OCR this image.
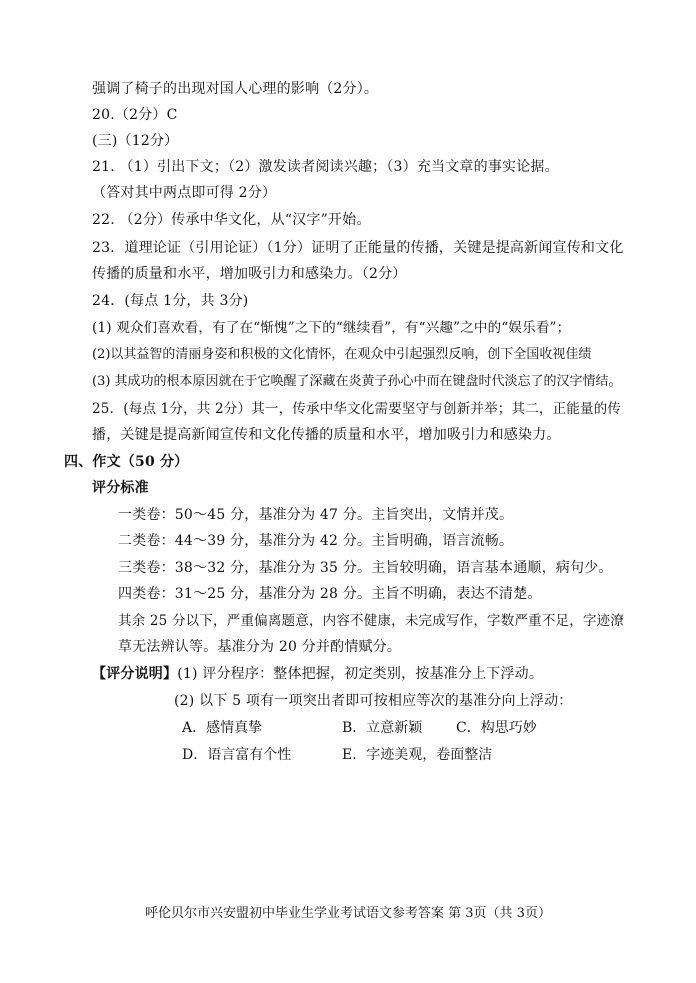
强调了椅子的出现对国人心理的影响（2分）。
20.（2分）C
(三)（12分）
21. （1）引出下文；（2）激发读者阅读兴趣；（3）充当文章的事实论据。
（答对其中两点即可得 2分）
22. （2分）传承中华文化，从“汉字”开始。
23．道理论证（引用论证）（1分）证明了正能量的传播，关键是提高新闻宣传和文化
传播的质量和水平，增加吸引力和感染力。（2分）
24．(每点 1分，共 3分)
(1) 观众们喜欢看，有了在“惭愧”之下的“继续看”，有“兴趣”之中的“娱乐看”；
(2)以其益智的清丽身姿和积极的文化情怀，在观众中引起强烈反响，创下全国收视佳绩
(3) 其成功的根本原因就在于它唤醒了深藏在炎黄子孙心中而在键盘时代淡忘了的汉字情结。
25．(每点 1分，共 2分）其一，传承中华文化需要坚守与创新并举；其二，正能量的传
播，关键是提高新闻宣传和文化传播的质量和水平，增加吸引力和感染力。
四、作文（50 分）
评分标准
一类卷：50～45 分，基准分为 47 分。主旨突出，文情并茂。
二类卷：44～39 分，基准分为 42 分。主旨明确，语言流畅。
三类卷：38～32 分，基准分为 35 分。主旨较明确，语言基本通顺，病句少。
四类卷：31～25 分，基准分为 28 分。主旨不明确，表达不清楚。
其余 25 分以下，严重偏离题意，内容不健康，未完成写作，字数严重不足，字迹潦
草无法辨认等。基准分为 20 分并酌情赋分。
【评分说明】(1) 评分程序：整体把握，初定类别，按基准分上下浮动。
(2) 以下 5 项有一项突出者即可按相应等次的基准分向上浮动：
A．感情真挚	B．立意新颖 C．构思巧妙
D．语言富有个性	E．字迹美观，卷面整洁
呼伦贝尔市兴安盟初中毕业生学业考试语文参考答案 第 3页（共 3页）
